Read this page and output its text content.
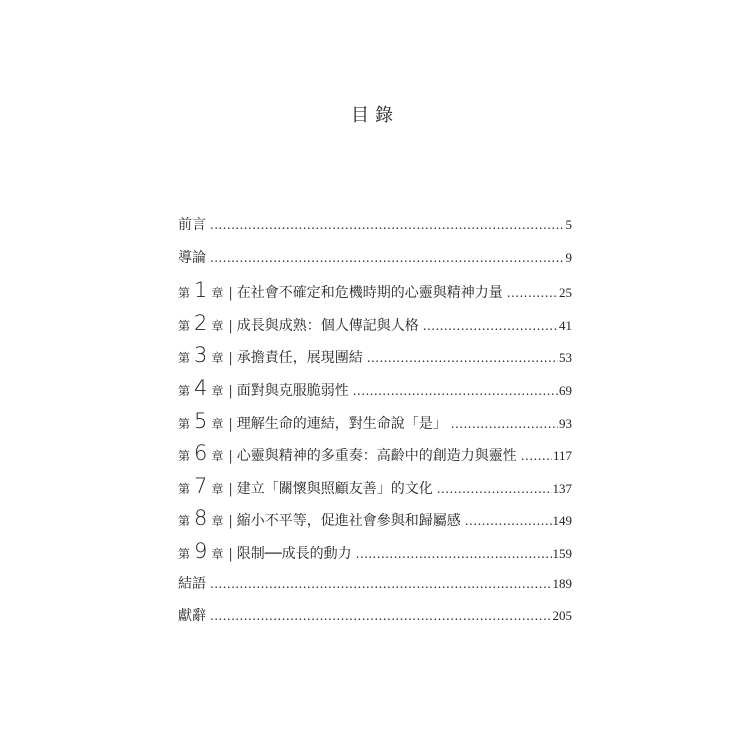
目錄
前言 .....	5
導論 .....	9
第 1 章 | 在社會不確定和危機時期的心靈與精神力量 .....	25
第 2 章 | 成長與成熟：個人傳記與人格 .....	41
第 3 章 | 承擔責任，展現團結 .....	53
第 4 章 | 面對與克服脆弱性 .....	69
第 5 章 | 理解生命的連結，對生命說「是」 .....	93
第 6 章 | 心靈與精神的多重奏：高齡中的創造力與靈性 .....	117
第 7 章 | 建立「關懷與照顧友善」的文化 .....	137
第 8 章 | 縮小不平等，促進社會參與和歸屬感 .....	149
第 9 章 | 限制──成長的動力 .....	159
結語 .....	189
獻辭 .....	205
